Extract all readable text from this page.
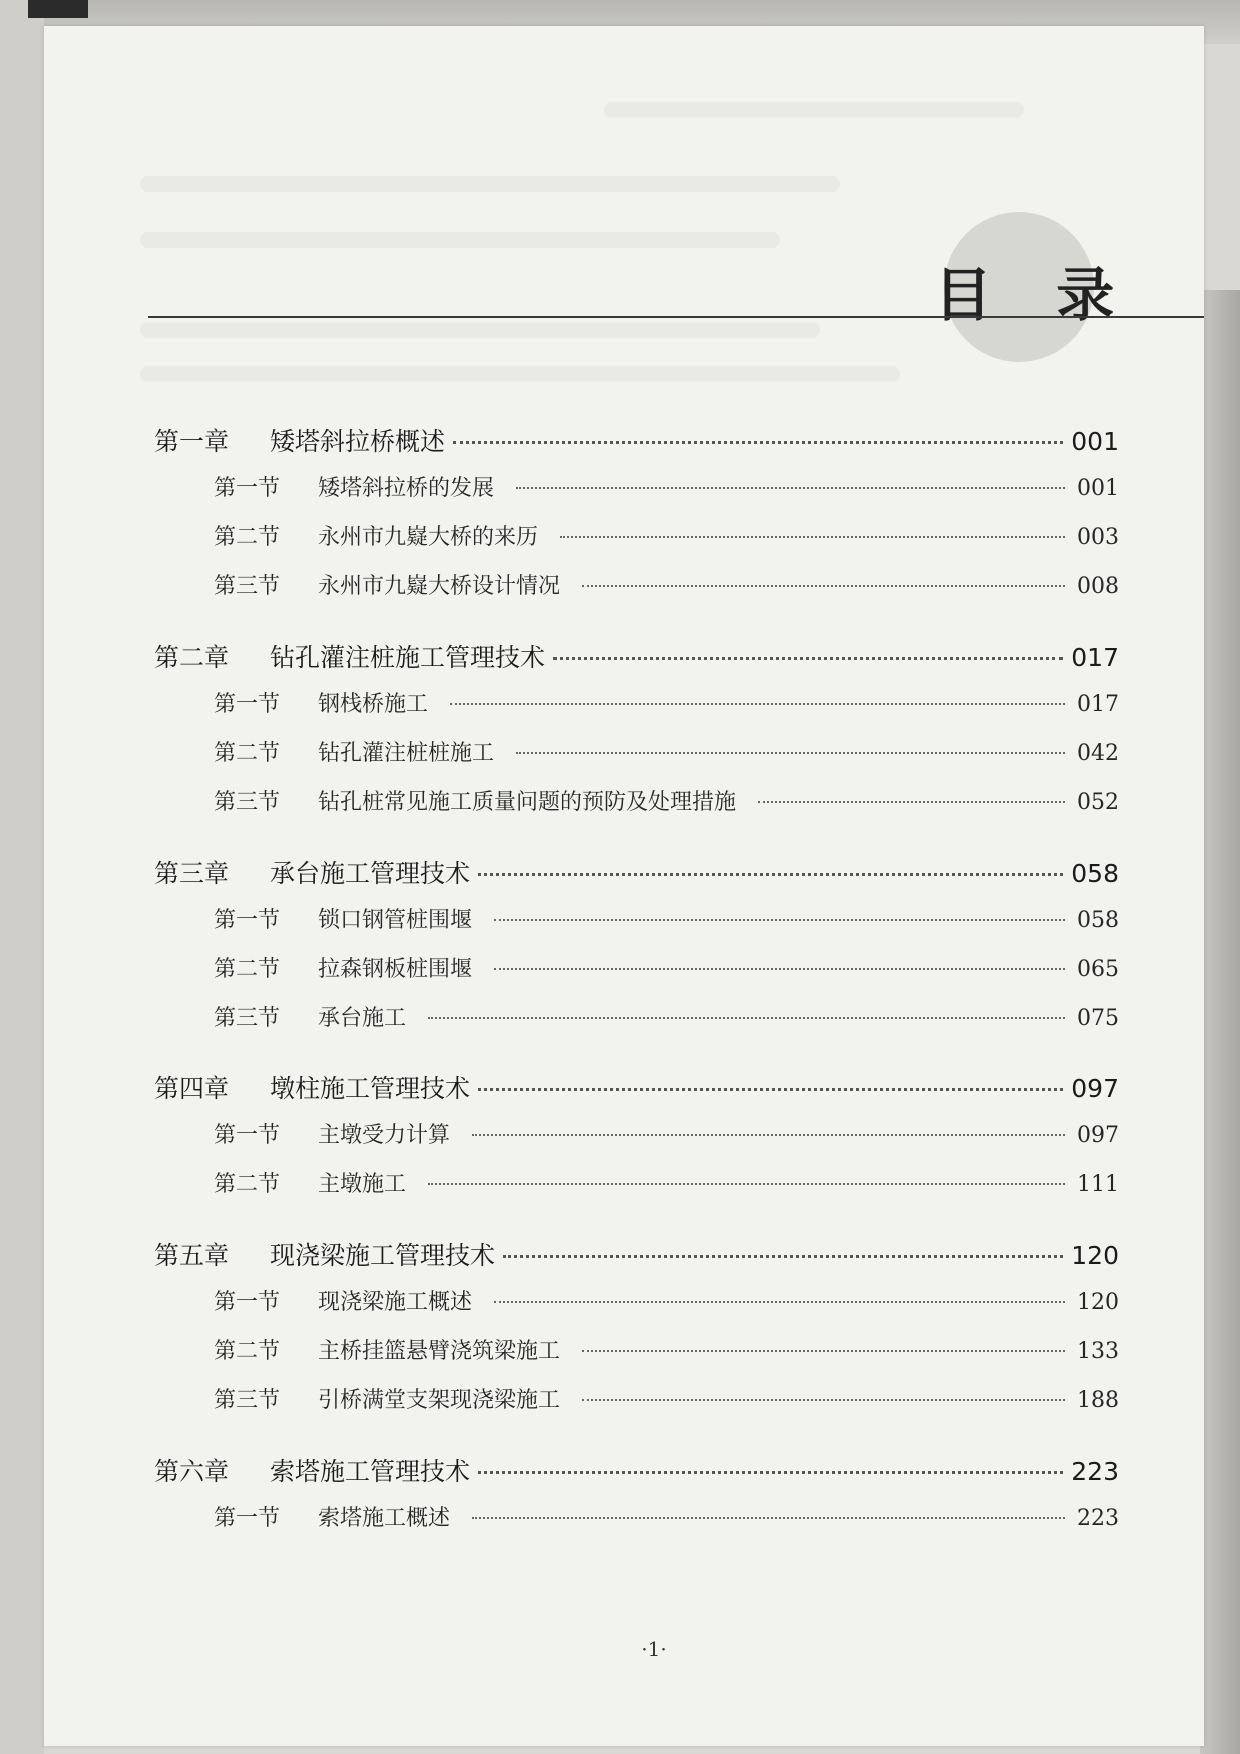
目 录
第一章	矮塔斜拉桥概述	001
第一节	矮塔斜拉桥的发展	001
第二节	永州市九嶷大桥的来历	003
第三节	永州市九嶷大桥设计情况	008
第二章	钻孔灌注桩施工管理技术	017
第一节	钢栈桥施工	017
第二节	钻孔灌注桩桩施工	042
第三节	钻孔桩常见施工质量问题的预防及处理措施	052
第三章	承台施工管理技术	058
第一节	锁口钢管桩围堰	058
第二节	拉森钢板桩围堰	065
第三节	承台施工	075
第四章	墩柱施工管理技术	097
第一节	主墩受力计算	097
第二节	主墩施工	111
第五章	现浇梁施工管理技术	120
第一节	现浇梁施工概述	120
第二节	主桥挂篮悬臂浇筑梁施工	133
第三节	引桥满堂支架现浇梁施工	188
第六章	索塔施工管理技术	223
第一节	索塔施工概述	223
·1·
